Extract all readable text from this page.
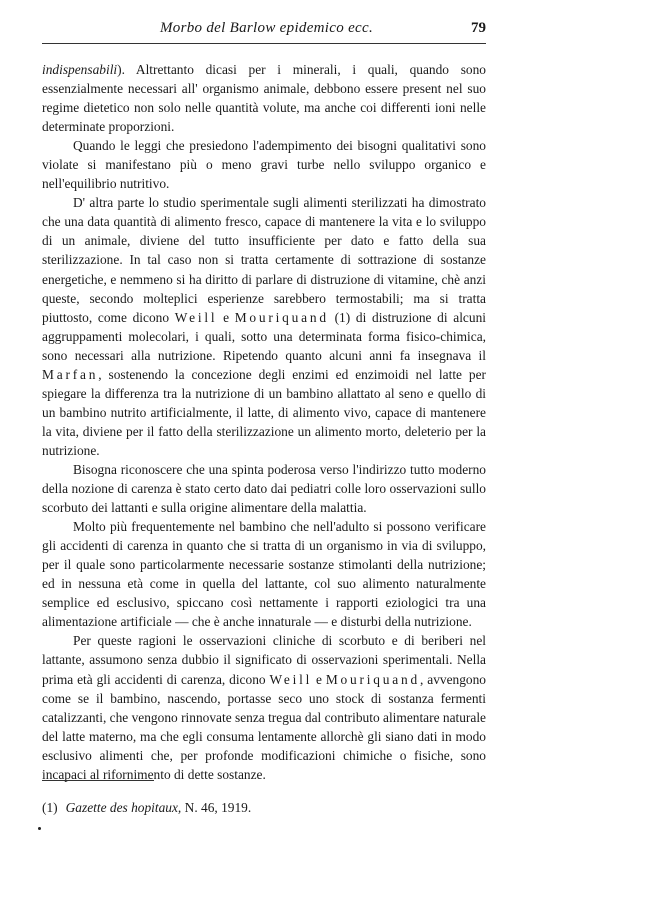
Morbo del Barlow epidemico ecc.	79

indispensabili). Altrettanto dicasi per i minerali, i quali, quando sono essenzialmente necessari all' organismo animale, debbono essere present nel suo regime dietetico non solo nelle quantità volute, ma anche coi differenti ioni nelle determinate proporzioni.

Quando le leggi che presiedono l'adempimento dei bisogni qualitativi sono violate si manifestano più o meno gravi turbe nello sviluppo organico e nell'equilibrio nutritivo.

D' altra parte lo studio sperimentale sugli alimenti sterilizzati ha dimostrato che una data quantità di alimento fresco, capace di mantenere la vita e lo sviluppo di un animale, diviene del tutto insufficiente per dato e fatto della sua sterilizzazione. In tal caso non si tratta certamente di sottrazione di sostanze energetiche, e nemmeno si ha diritto di parlare di distruzione di vitamine, chè anzi queste, secondo molteplici esperienze sarebbero termostabili; ma si tratta piuttosto, come dicono Weill e Mouriquand (1) di distruzione di alcuni aggruppamenti molecolari, i quali, sotto una determinata forma fisico-chimica, sono necessari alla nutrizione. Ripetendo quanto alcuni anni fa insegnava il Marfan, sostenendo la concezione degli enzimi ed enzimoidi nel latte per spiegare la differenza tra la nutrizione di un bambino allattato al seno e quello di un bambino nutrito artificialmente, il latte, di alimento vivo, capace di mantenere la vita, diviene per il fatto della sterilizzazione un alimento morto, deleterio per la nutrizione.

Bisogna riconoscere che una spinta poderosa verso l'indirizzo tutto moderno della nozione di carenza è stato certo dato dai pediatri colle loro osservazioni sullo scorbuto dei lattanti e sulla origine alimentare della malattia.

Molto più frequentemente nel bambino che nell'adulto si possono verificare gli accidenti di carenza in quanto che si tratta di un organismo in via di sviluppo, per il quale sono particolarmente necessarie sostanze stimolanti della nutrizione; ed in nessuna età come in quella del lattante, col suo alimento naturalmente semplice ed esclusivo, spiccano così nettamente i rapporti eziologici tra una alimentazione artificiale — che è anche innaturale — e disturbi della nutrizione.

Per queste ragioni le osservazioni cliniche di scorbuto e di beriberi nel lattante, assumono senza dubbio il significato di osservazioni sperimentali. Nella prima età gli accidenti di carenza, dicono Weill e Mouriquand, avvengono come se il bambino, nascendo, portasse seco uno stock di sostanza fermenti catalizzanti, che vengono rinnovate senza tregua dal contributo alimentare naturale del latte materno, ma che egli consuma lentamente allorchè gli siano dati in modo esclusivo alimenti che, per profonde modificazioni chimiche o fisiche, sono incapaci al rifornimento di dette sostanze.

(1) Gazette des hopitaux, N. 46, 1919.
